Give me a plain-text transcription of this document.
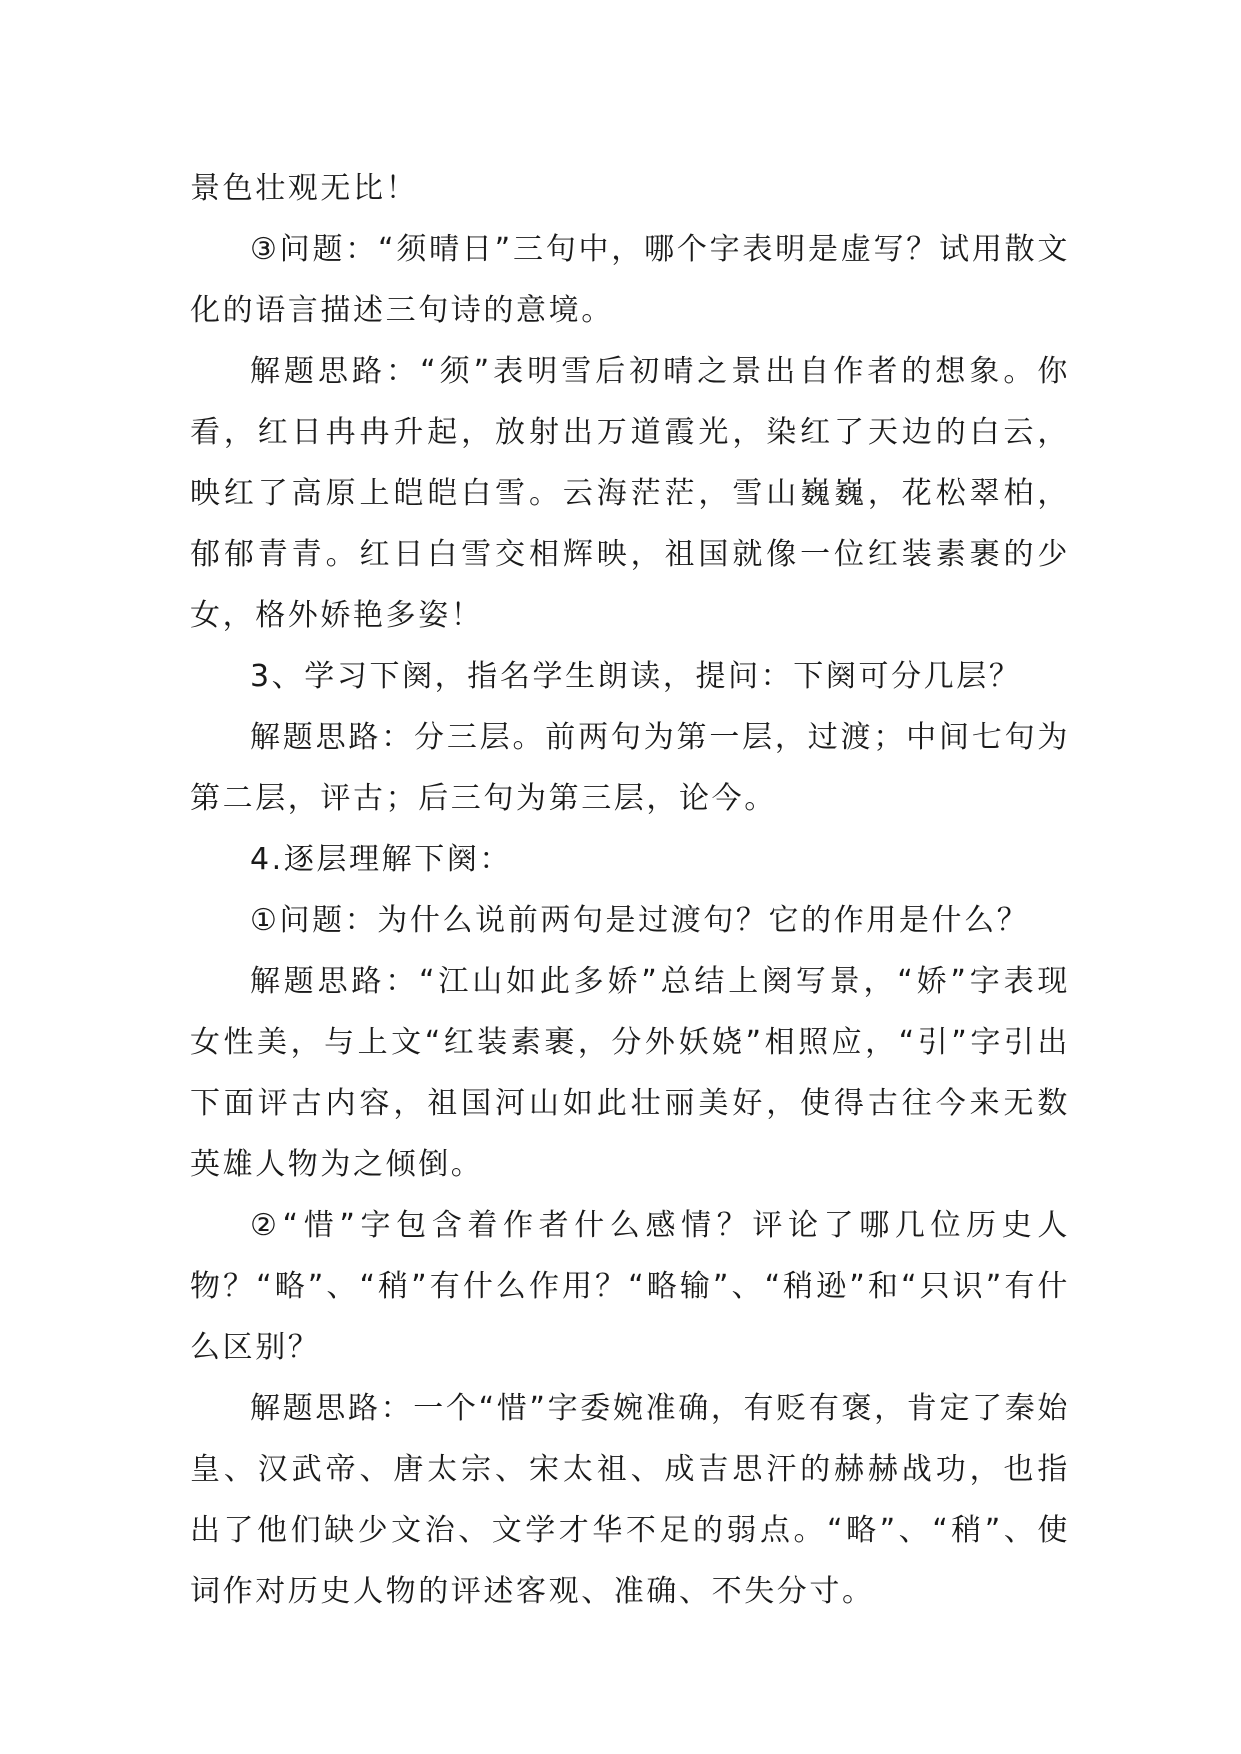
景色壮观无比！

③问题：“须晴日”三句中，哪个字表明是虚写？试用散文化的语言描述三句诗的意境。

解题思路：“须”表明雪后初晴之景出自作者的想象。你看，红日冉冉升起，放射出万道霞光，染红了天边的白云，映红了高原上皑皑白雪。云海茫茫，雪山巍巍，花松翠柏，郁郁青青。红日白雪交相辉映，祖国就像一位红装素裹的少女，格外娇艳多姿！

3、学习下阕，指名学生朗读，提问：下阕可分几层？

解题思路：分三层。前两句为第一层，过渡；中间七句为第二层，评古；后三句为第三层，论今。

4.逐层理解下阕：

①问题：为什么说前两句是过渡句？它的作用是什么？

解题思路：“江山如此多娇”总结上阕写景，“娇”字表现女性美，与上文“红装素裹，分外妖娆”相照应，“引”字引出下面评古内容，祖国河山如此壮丽美好，使得古往今来无数英雄人物为之倾倒。

②“惜”字包含着作者什么感情？评论了哪几位历史人物？“略”、“稍”有什么作用？“略输”、“稍逊”和“只识”有什么区别？

解题思路：一个“惜”字委婉准确，有贬有褒，肯定了秦始皇、汉武帝、唐太宗、宋太祖、成吉思汗的赫赫战功，也指出了他们缺少文治、文学才华不足的弱点。“略”、“稍”、使词作对历史人物的评述客观、准确、不失分寸。
